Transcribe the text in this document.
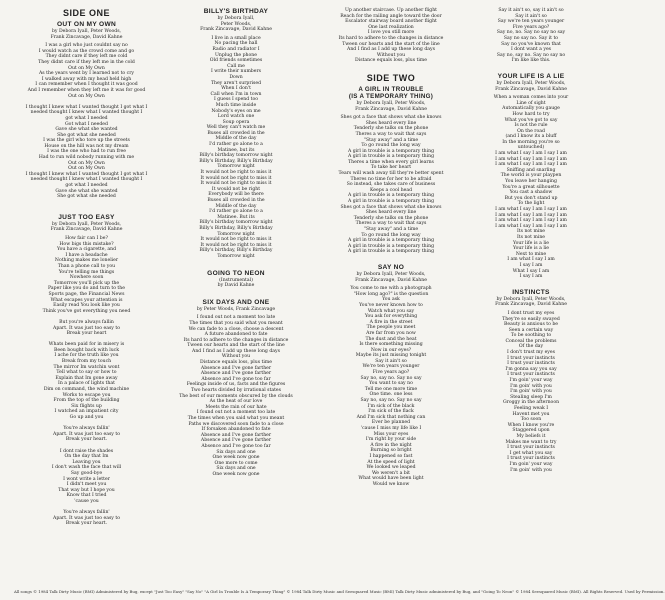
SIDE ONE
OUT ON MY OWN
by Debora Iyall, Peter Woods,
Frank Zincavage, David Kahne
I was a girl who just couldnt say no
I would watch as the crowd come and go
They didnt care if they left me cold
They didnt care if they left me in the cold
Out on My Own
As the years went by I learned not to cry
I walked away with my head held high
I can remember when I thought it was good
And I remember when they left me it was for good
Out on My Own

I thought I knew what I wanted thought I got what I
needed thought I knew what I wanted thought I
got what I needed
Got what I needed
Gave she what she wanted
She got what she needed
I was the girl who tore up the streets
House on the hill was not my dream
I was the one who had to run free
Had to run wild nobody running with me
Out on My Own
Out on My Own
I thought I knew what I wanted thought I got what I
needed thought I knew what I wanted thought I
got what I needed
Gave she what she wanted
She got what she needed
JUST TOO EASY
by Debora Iyall, Peter Woods,
Frank Zincavage, David Kahne
How fair can I be?
How bigs this mistake?
You have a cigarette, and
I have a headache
Nothing makes me lonelier
Than a phone call to you
You're telling me things
Nowhere soon
Tomorrow you'll pick up the
Paper like you do and turn to the
Sports page, the Financial News
What escapes your attention is
Easily read You look like you
Think you've got everything you need

But you're always fallin
Apart. It was just too easy to
Break your heart

Whats been paid for in misery is
Been bought back with luck
I ache for the truth like you
Break from my touch
The mirror Im watchin wont
Tell what to say or how to
Explain that Im gone away
In a palace of lights that
Dim on command, the wind machine
Works to escape you
From the top of the building
Six flights up
I watched an impatient city
Go up and you

You're always fallin'
Apart. It was just too easy to
Break your heart.

I dont raise the shades
On the day that Im
Leaving you
I don't wash the face that will
Say good-bye
I wont write a letter
I didn't meet you
That way but I hope you
Know that I tried
'cause you

You're always fallin'
Apart. It was just too easy to
Break your heart.
BILLY'S BIRTHDAY
by Debora Iyall,
Peter Woods,
Frank Zincavage, David Kahne
I live in a small place
No pacing the hall
Radio and radiator I
Unplug the phone
Old friends sometimes
Call me
I write their numbers
Down
They aren't surprised
When I don't
Call when I'm in town
I guess I spend too
Much time inside
Nobody's eyes on me
Lord watch one
Soup opera
Well they can't watch me
Buses all crowded in the
Middle of the day
I'd rather go alone to a
Matinee, but its
Billy's birthday tomorrow night
Billy's Birthday, Billy's Birthday
Tomorrow night
It would not be right to miss it
It would not be right to miss it
It would not be right to miss it
It would not be right
Everybody will be there
Buses all crowded in the
Middle of the day
I'd rather go alone to a
Matinee. But its
Billy's birthday tomorrow night
Billy's Birthday, Billy's Birthday
Tomorrow night
It would not be right to miss it
It would not be right to miss it
Billy's birthday, Billy's Birthday
Tomorrow night
GOING TO NEON
(Instrumental)
by David Kahne
SIX DAYS AND ONE
by Peter Woods, Frank Zincavage
I found out not a moment too late
The times that you said what you meant
We can fade to a close, choose a descent
A future abandoned to fate
Its hard to adhere to the changes in distance
Tween our hearts and the start of the line
And I find as I add up these long days
Without you
Distance equals loss, plus time
Absence and I've gone farther
Absence and I've gone farther
Absence and I've gone too far
Feelings inside of us, facts and the figures
Two hearts divided by irrational states
The best of our moments obscured by the clouds
As the heat of our love
Meets the rain of our hate
I found out not a moment too late
The times when you said what you meant
Paths we discovered soon fade to a close
If forsaken abandoned to fate
Absence and I've gone farther
Absence and I've gone farther
Absence and I've gone too far
Six days and one
One week now gone
One more to come
Six days and one
One week now gone
Up another staircase. Up another flight
Reach for the railing angle toward the door
Escalator stairway board another flight
One last realization
I love you still more
Its hard to adhere to the changes in distance
Tween our hearts and the start of the line
And I find as I add up these long days
Without you
Distance equals loss, plus time
SIDE TWO
A GIRL IN TROUBLE
(IS A TEMPORARY THING)
by Debora Iyall, Peter Woods,
Frank Zincavage, David Kahne
Shes got a face that shows what she knows
Shes heard every line
Tenderly she talks on the phone
Theres a way to wait that says
"Stay away" and a time
To go round the long way
A girl in trouble is a temporary thing
A girl in trouble is a temporary thing
Theres a time when every girl learns
To take her heart
Tears will wash away till they're better spent
Theres no time for her to be afraid
So instead, she takes care of business
Keeps a cool head
A girl in trouble is a temporary thing
A girl in trouble is a temporary thing
Shes got a face that shows what she knows
Shes heard every line
Tenderly she talks on the phone
Theres a way to wait that says
"Stay away" and a time
To go round the long way
A girl in trouble is a temporary thing
A girl in trouble is a temporary thing
A girl in trouble is a temporary thing
SAY NO
by Debora Iyall, Peter Woods,
Frank Zincavage, David Kahne
You come to me with a photograph
"How long ago?" is the question
You ask
You've never known how to
Watch what you say
You ask for everything
A fire in the street
The people you meet
Are far from you now
The dust and the heat
Is there something missing
Now in our eyes?
Maybe its just missing tonight
Say it ain't so
We're ten years younger
Five years ago?
Say no, say no. Say no say
You want to say no
Tell me one more time
One time. one less
Say no, say no. Say no say
I'm sick of the black
I'm sick of the flack
And I'm sick that nothing can
Ever be planned
'cause I miss my life like I
Miss your eyes
I'm right by your side
A fire in the night
Burning so bright
I happened so fast
At the speed of light
We looked we leaped
We weren't a bit
What would have been light
Would we know
Say it ain't so, say it ain't so
Say it ain't so
Say we're ten years younger
Five years ago?
Say no, no. Say no say no say
Say no say no. Say it to
Say no you've known that
I dont want a yes
Say no, say no. Say no say no
I'm like like this.
YOUR LIFE IS A LIE
by Debora Iyall, Peter Woods,
Frank Zincavage, David Kahne
When a woman comes into your
Line of sight
Automatically you gauge
How hard to try
What you've got to say
Is not the rule
On the road
(and I know its a bluff
In the morning you're so
untouched)
I am what I say I am I say I am
I am what I say I am I say I am
I am what I say I am I say I am
Sniffing and snarling
The world is your playpen
You leave her hanging
You're a great silhouette
You cast a shadow
But you don't stand up
To the light
I am what I say I am I say I am
I am what I say I am I say I am
I am what I say I am I say I am
I am what I say I am I say I am
Its not mine
Its not mine
Your life is a lie
Your life is a lie
Next to mine
I am what I say I am
I say I am
What I say I am
I say I am
INSTINCTS
by Debora Iyall, Peter Woods,
Frank Zincavage, David Kahne
I dont trust my eyes
They're so easily swayed
Beauty is anxious to be
Seen a certain way
To be soothing to
Conceal the problems
Of the day
I don't trust my eyes
I trust your instincts
I trust your instincts
I'm gonna say you say
I trust your instincts
I'm goin' your way
I'm goin' with you
I'm goin' with you
Stealing sleep I'm
Groggy in the afternoon
Feeling weak I
Havent met you
Too soon
When I know you're
Staggered upon
My beliefs it
Makes me want to try
I trust your instincts
I get what you say
I trust your instincts
I'm goin' your way
I'm goin' with you
All songs © 1984 Talk Dirty Music (BMI) Administered by Bug, except "Just Too Easy" "Say No" "A Girl In Trouble Is A Temporary Thing" © 1984 Talk Dirty Music and Seesquared Music (BMI) Talk Dirty Music administered by Bug, and "Going To Neon" © 1984 Seesquared Music (BMI). All Rights Reserved. Used by Permission.
